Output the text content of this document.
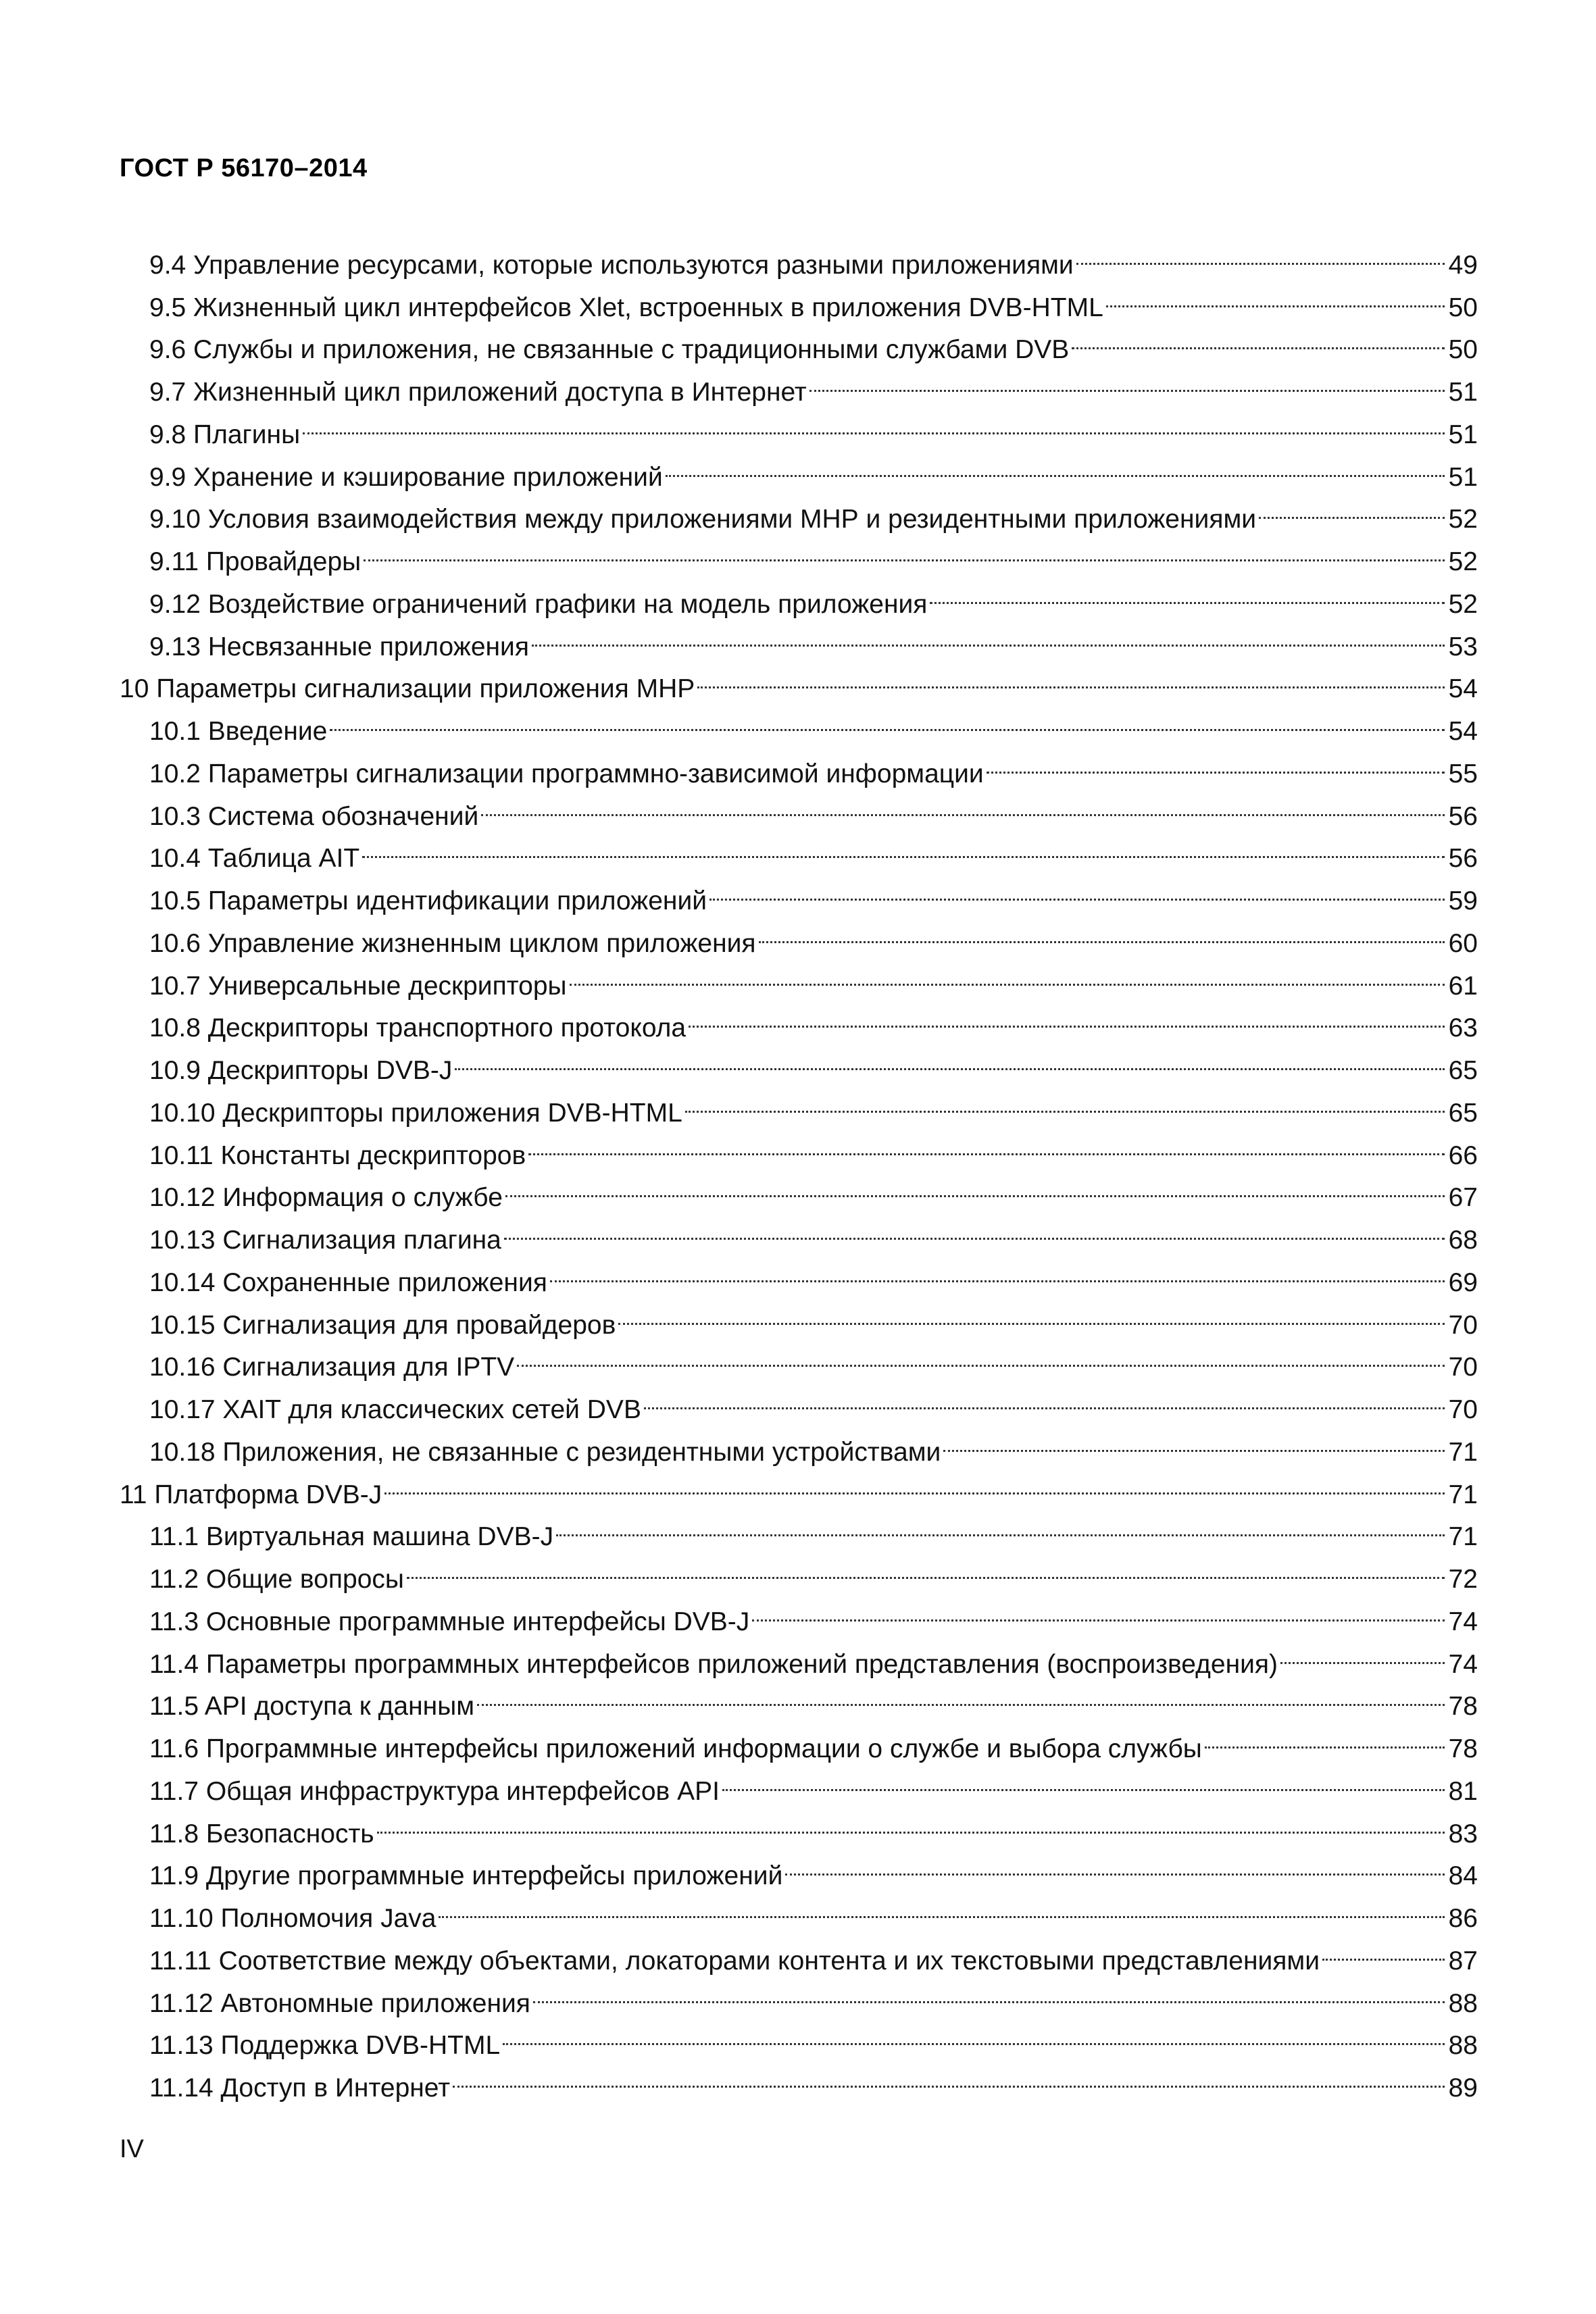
ГОСТ Р 56170–2014
9.4 Управление ресурсами, которые используются разными приложениями	49
9.5 Жизненный цикл интерфейсов Xlet, встроенных в приложения DVB-HTML	50
9.6 Службы и приложения, не связанные с традиционными службами DVB	50
9.7 Жизненный цикл приложений доступа в Интернет	51
9.8 Плагины	51
9.9 Хранение и кэширование приложений	51
9.10 Условия взаимодействия между приложениями МНР и резидентными приложениями	52
9.11 Провайдеры	52
9.12 Воздействие ограничений графики на модель приложения	52
9.13 Несвязанные приложения	53
10 Параметры сигнализации приложения МНР	54
10.1 Введение	54
10.2 Параметры сигнализации программно-зависимой информации	55
10.3 Система обозначений	56
10.4 Таблица AIT	56
10.5 Параметры идентификации приложений	59
10.6 Управление жизненным циклом приложения	60
10.7 Универсальные дескрипторы	61
10.8 Дескрипторы транспортного протокола	63
10.9 Дескрипторы DVB-J	65
10.10 Дескрипторы приложения DVB-HTML	65
10.11 Константы дескрипторов	66
10.12 Информация о службе	67
10.13 Сигнализация плагина	68
10.14 Сохраненные приложения	69
10.15 Сигнализация для провайдеров	70
10.16 Сигнализация для IPTV	70
10.17 XAIT для классических сетей DVB	70
10.18 Приложения, не связанные с резидентными устройствами	71
11 Платформа DVB-J	71
11.1 Виртуальная машина DVB-J	71
11.2 Общие вопросы	72
11.3 Основные программные интерфейсы DVB-J	74
11.4 Параметры программных интерфейсов приложений представления (воспроизведения)	74
11.5 API доступа к данным	78
11.6 Программные интерфейсы приложений информации о службе и выбора службы	78
11.7 Общая инфраструктура интерфейсов API	81
11.8 Безопасность	83
11.9 Другие программные интерфейсы приложений	84
11.10 Полномочия Java	86
11.11 Соответствие между объектами, локаторами контента и их текстовыми представлениями	87
11.12 Автономные приложения	88
11.13 Поддержка DVB-HTML	88
11.14 Доступ в Интернет	89
IV
